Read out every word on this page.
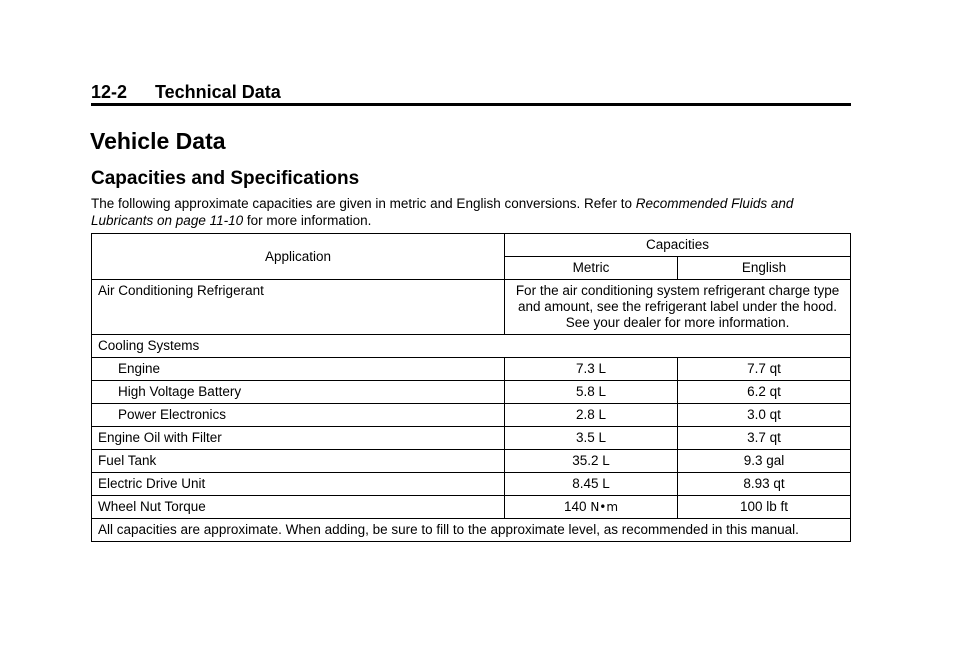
12-2 Technical Data
Vehicle Data
Capacities and Specifications
The following approximate capacities are given in metric and English conversions. Refer to Recommended Fluids and Lubricants on page 11-10 for more information.
Application	Capacities	
	Metric	English
Air Conditioning Refrigerant	For the air conditioning system refrigerant charge type and amount, see the refrigerant label under the hood. See your dealer for more information.	
Cooling Systems		
Engine	7.3 L	7.7 qt
High Voltage Battery	5.8 L	6.2 qt
Power Electronics	2.8 L	3.0 qt
Engine Oil with Filter	3.5 L	3.7 qt
Fuel Tank	35.2 L	9.3 gal
Electric Drive Unit	8.45 L	8.93 qt
Wheel Nut Torque	140 N•m	100 lb ft
All capacities are approximate. When adding, be sure to fill to the approximate level, as recommended in this manual.		
